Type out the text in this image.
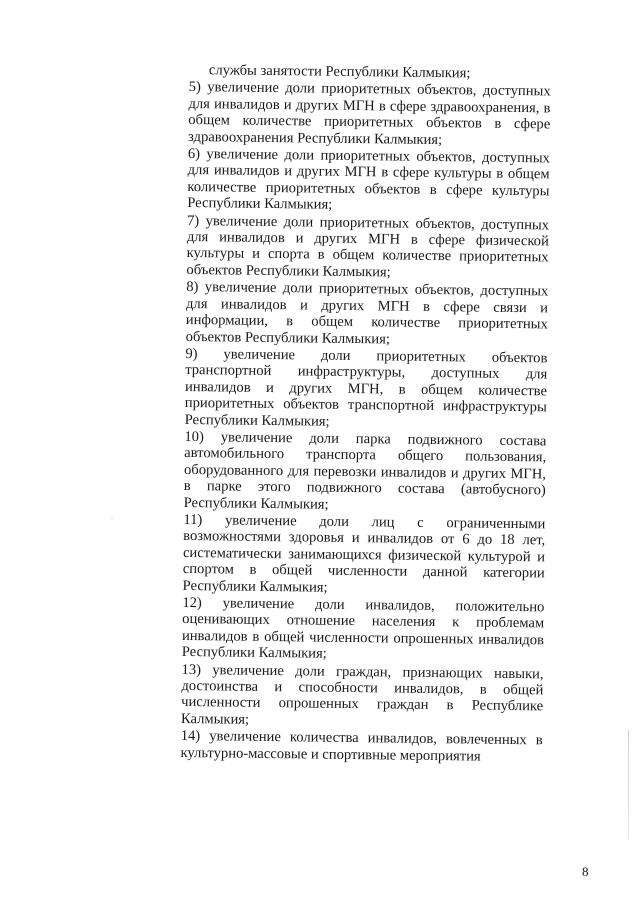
службы занятости Республики Калмыкия;

5) увеличение доли приоритетных объектов, доступных для инвалидов и других МГН в сфере здравоохранения, в общем количестве приоритетных объектов в сфере здравоохранения Республики Калмыкия;

6) увеличение доли приоритетных объектов, доступных для инвалидов и других МГН в сфере культуры в общем количестве приоритетных объектов в сфере культуры Республики Калмыкия;

7) увеличение доли приоритетных объектов, доступных для инвалидов и других МГН в сфере физической культуры и спорта в общем количестве приоритетных объектов Республики Калмыкия;

8) увеличение доли приоритетных объектов, доступных для инвалидов и других МГН в сфере связи и информации, в общем количестве приоритетных объектов Республики Калмыкия;

9) увеличение доли приоритетных объектов транспортной инфраструктуры, доступных для инвалидов и других МГН, в общем количестве приоритетных объектов транспортной инфраструктуры Республики Калмыкия;

10) увеличение доли парка подвижного состава автомобильного транспорта общего пользования, оборудованного для перевозки инвалидов и других МГН, в парке этого подвижного состава (автобусного) Республики Калмыкия;

11) увеличение доли лиц с ограниченными возможностями здоровья и инвалидов от 6 до 18 лет, систематически занимающихся физической культурой и спортом в общей численности данной категории Республики Калмыкия;

12) увеличение доли инвалидов, положительно оценивающих отношение населения к проблемам инвалидов в общей численности опрошенных инвалидов Республики Калмыкия;

13) увеличение доли граждан, признающих навыки, достоинства и способности инвалидов, в общей численности опрошенных граждан в Республике Калмыкия;

14) увеличение количества инвалидов, вовлеченных в культурно-массовые и спортивные мероприятия

8
